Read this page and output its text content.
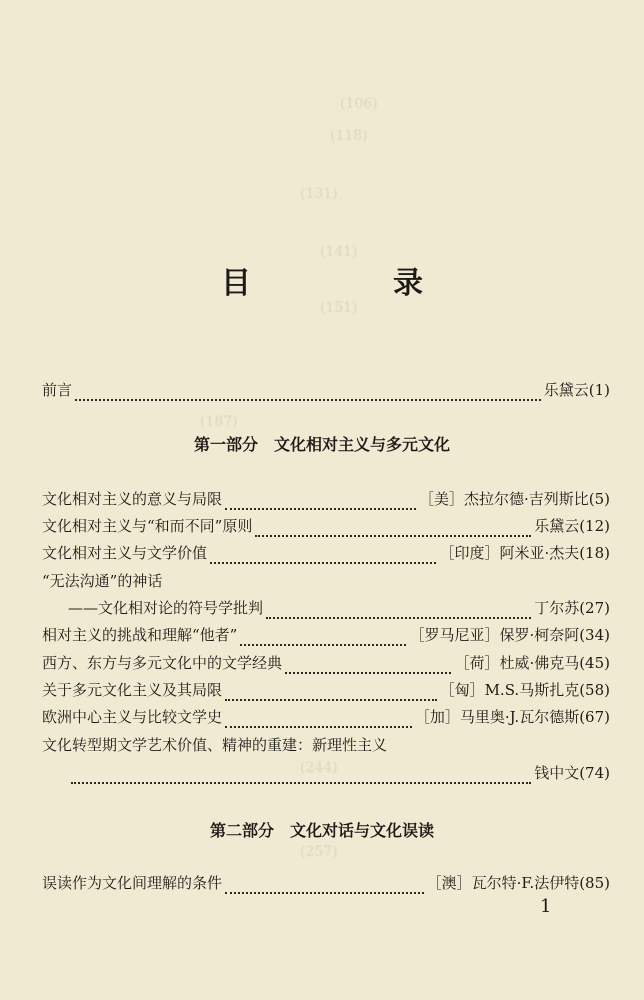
(106)
(118)
(131)
(141)
(151)
(187)
(244)
(257)
目　录
前言	乐黛云(1)
第一部分　文化相对主义与多元文化
文化相对主义的意义与局限	［美］杰拉尔德·吉列斯比(5)
文化相对主义与“和而不同”原则	乐黛云(12)
文化相对主义与文学价值	［印度］阿米亚·杰夫(18)
“无法沟通”的神话
——文化相对论的符号学批判	丁尔苏(27)
相对主义的挑战和理解“他者”	［罗马尼亚］保罗·柯奈阿(34)
西方、东方与多元文化中的文学经典	［荷］杜威·佛克马(45)
关于多元文化主义及其局限	［匈］M.S.马斯扎克(58)
欧洲中心主义与比较文学史	［加］马里奥·J.瓦尔德斯(67)
文化转型期文学艺术价值、精神的重建：新理性主义
钱中文(74)
第二部分　文化对话与文化误读
误读作为文化间理解的条件	［澳］瓦尔特·F.法伊特(85)
1
